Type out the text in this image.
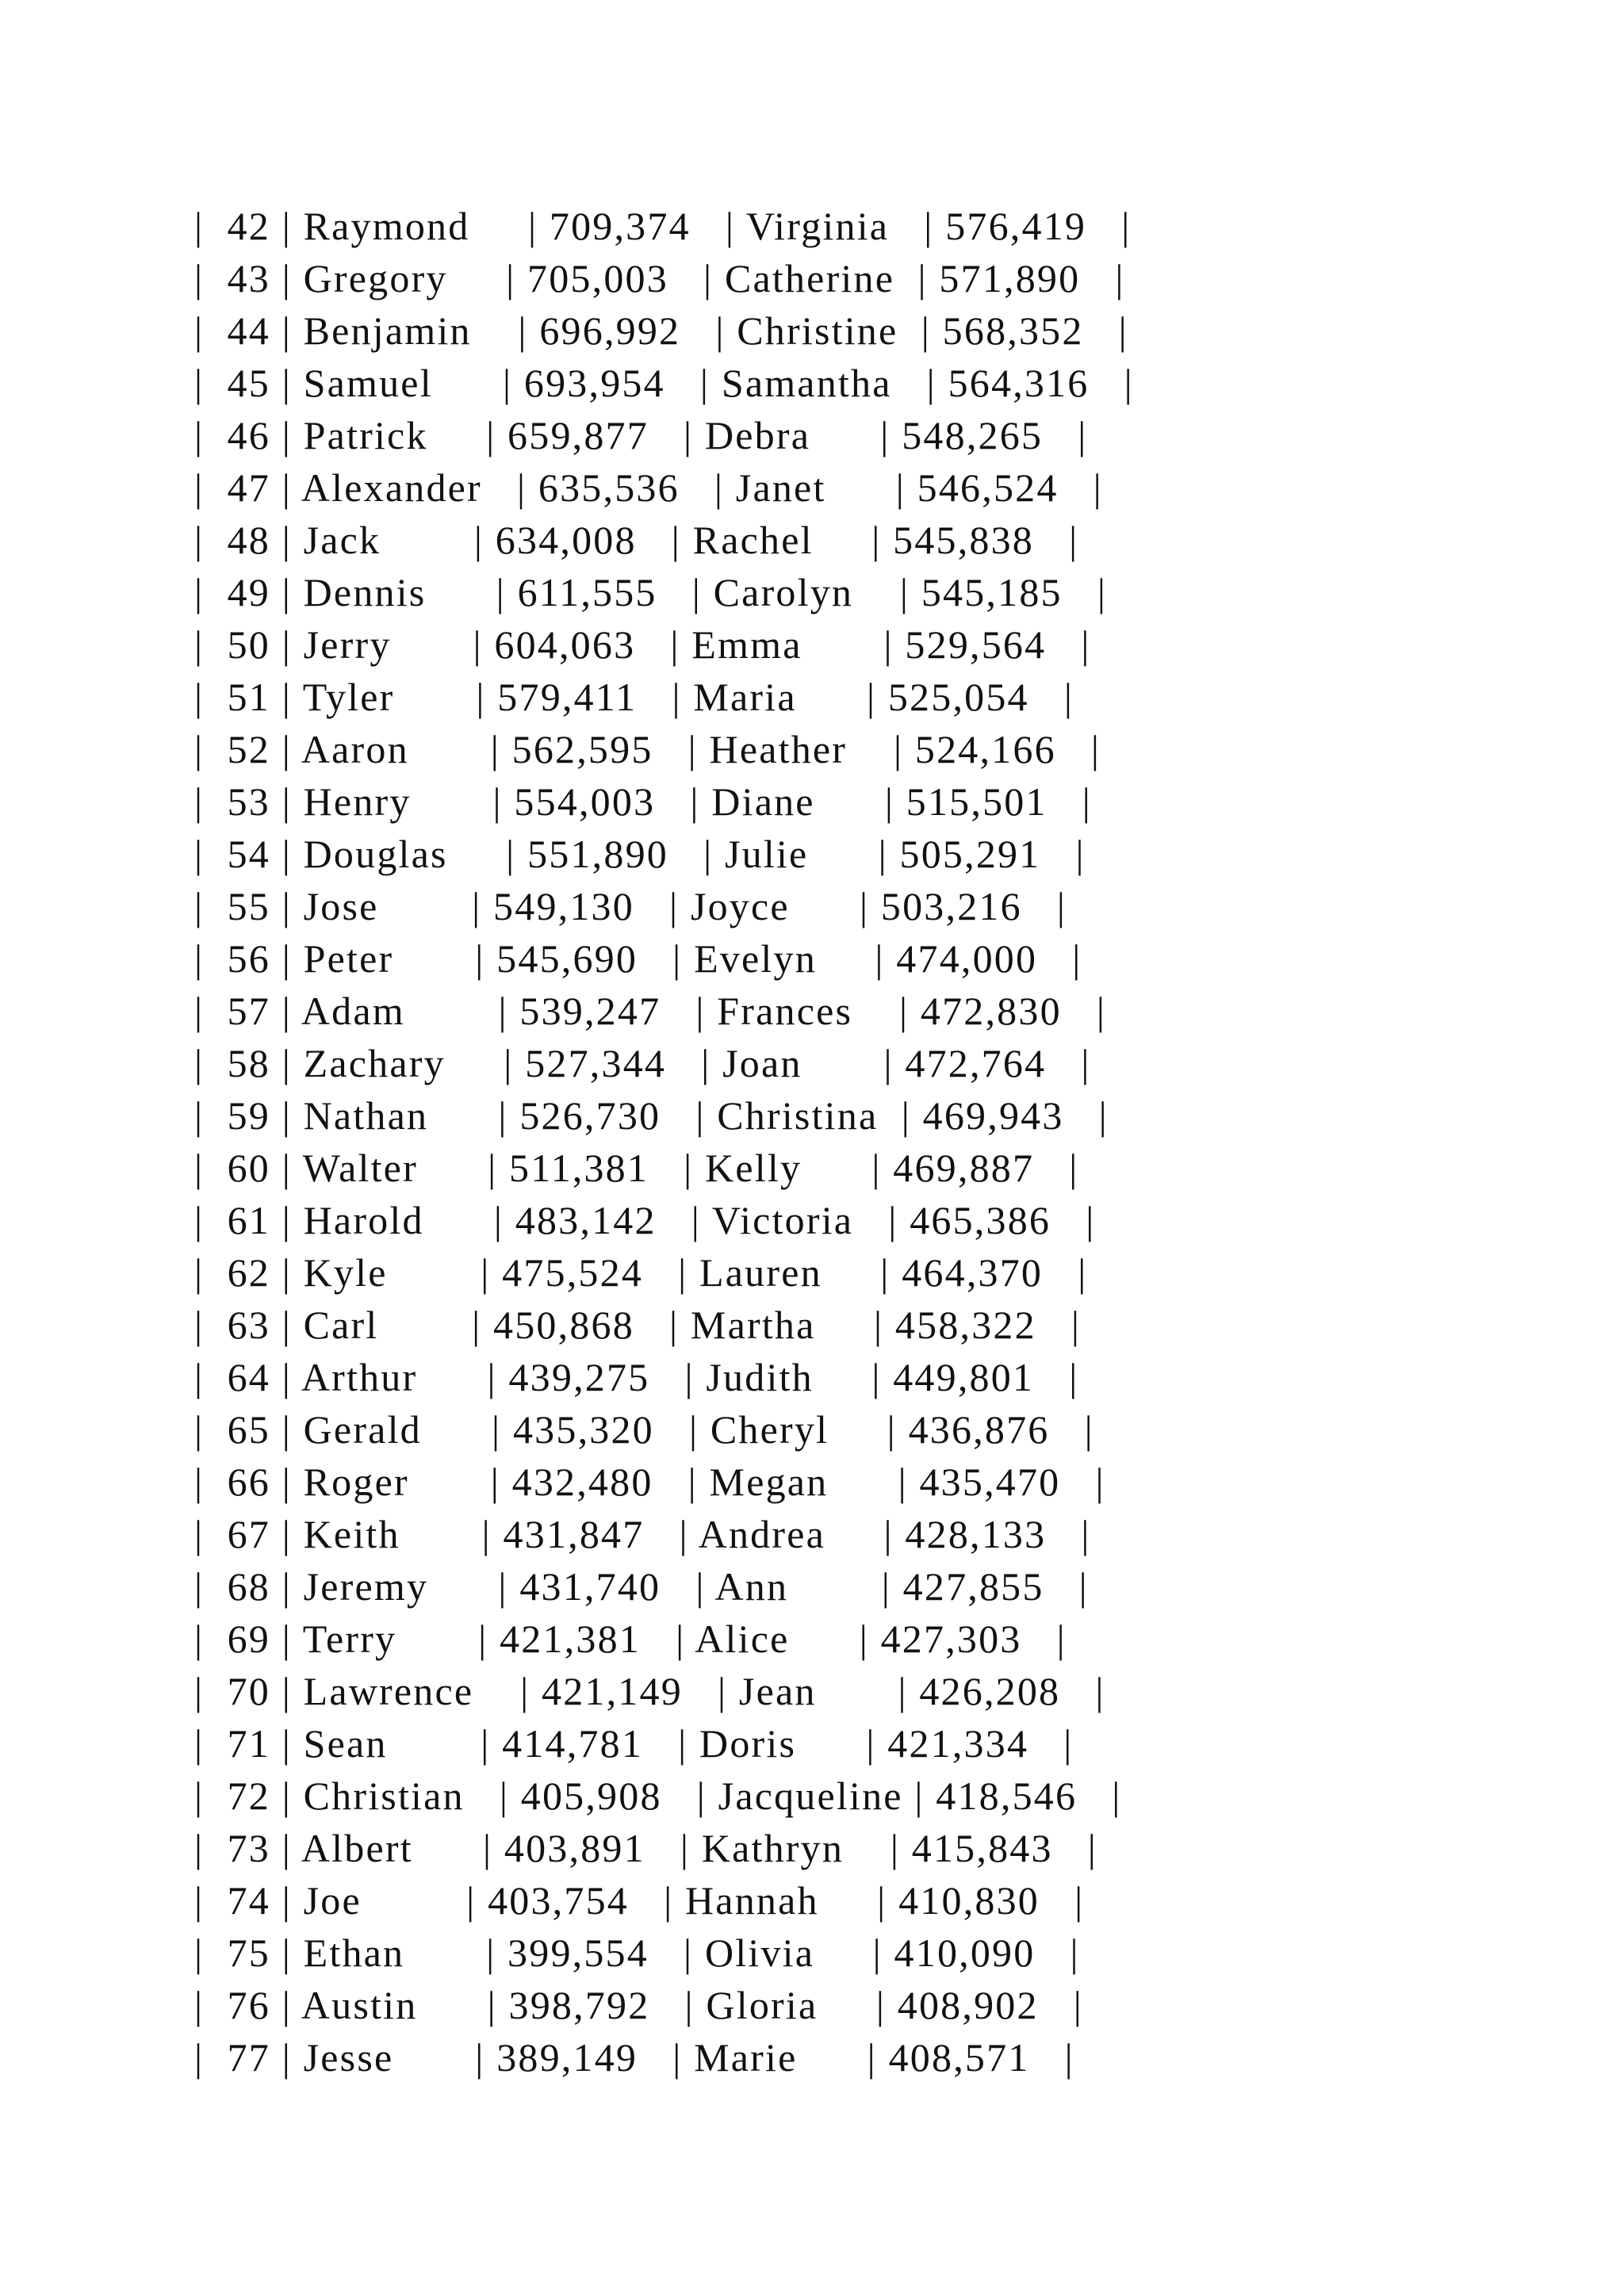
|  42 | Raymond     | 709,374   | Virginia   | 576,419   |
|  43 | Gregory     | 705,003   | Catherine  | 571,890   |
|  44 | Benjamin    | 696,992   | Christine  | 568,352   |
|  45 | Samuel      | 693,954   | Samantha   | 564,316   |
|  46 | Patrick     | 659,877   | Debra      | 548,265   |
|  47 | Alexander   | 635,536   | Janet      | 546,524   |
|  48 | Jack        | 634,008   | Rachel     | 545,838   |
|  49 | Dennis      | 611,555   | Carolyn    | 545,185   |
|  50 | Jerry       | 604,063   | Emma       | 529,564   |
|  51 | Tyler       | 579,411   | Maria      | 525,054   |
|  52 | Aaron       | 562,595   | Heather    | 524,166   |
|  53 | Henry       | 554,003   | Diane      | 515,501   |
|  54 | Douglas     | 551,890   | Julie      | 505,291   |
|  55 | Jose        | 549,130   | Joyce      | 503,216   |
|  56 | Peter       | 545,690   | Evelyn     | 474,000   |
|  57 | Adam        | 539,247   | Frances    | 472,830   |
|  58 | Zachary     | 527,344   | Joan       | 472,764   |
|  59 | Nathan      | 526,730   | Christina  | 469,943   |
|  60 | Walter      | 511,381   | Kelly      | 469,887   |
|  61 | Harold      | 483,142   | Victoria   | 465,386   |
|  62 | Kyle        | 475,524   | Lauren     | 464,370   |
|  63 | Carl        | 450,868   | Martha     | 458,322   |
|  64 | Arthur      | 439,275   | Judith     | 449,801   |
|  65 | Gerald      | 435,320   | Cheryl     | 436,876   |
|  66 | Roger       | 432,480   | Megan      | 435,470   |
|  67 | Keith       | 431,847   | Andrea     | 428,133   |
|  68 | Jeremy      | 431,740   | Ann        | 427,855   |
|  69 | Terry       | 421,381   | Alice      | 427,303   |
|  70 | Lawrence    | 421,149   | Jean       | 426,208   |
|  71 | Sean        | 414,781   | Doris      | 421,334   |
|  72 | Christian   | 405,908   | Jacqueline | 418,546   |
|  73 | Albert      | 403,891   | Kathryn    | 415,843   |
|  74 | Joe         | 403,754   | Hannah     | 410,830   |
|  75 | Ethan       | 399,554   | Olivia     | 410,090   |
|  76 | Austin      | 398,792   | Gloria     | 408,902   |
|  77 | Jesse       | 389,149   | Marie      | 408,571   |
